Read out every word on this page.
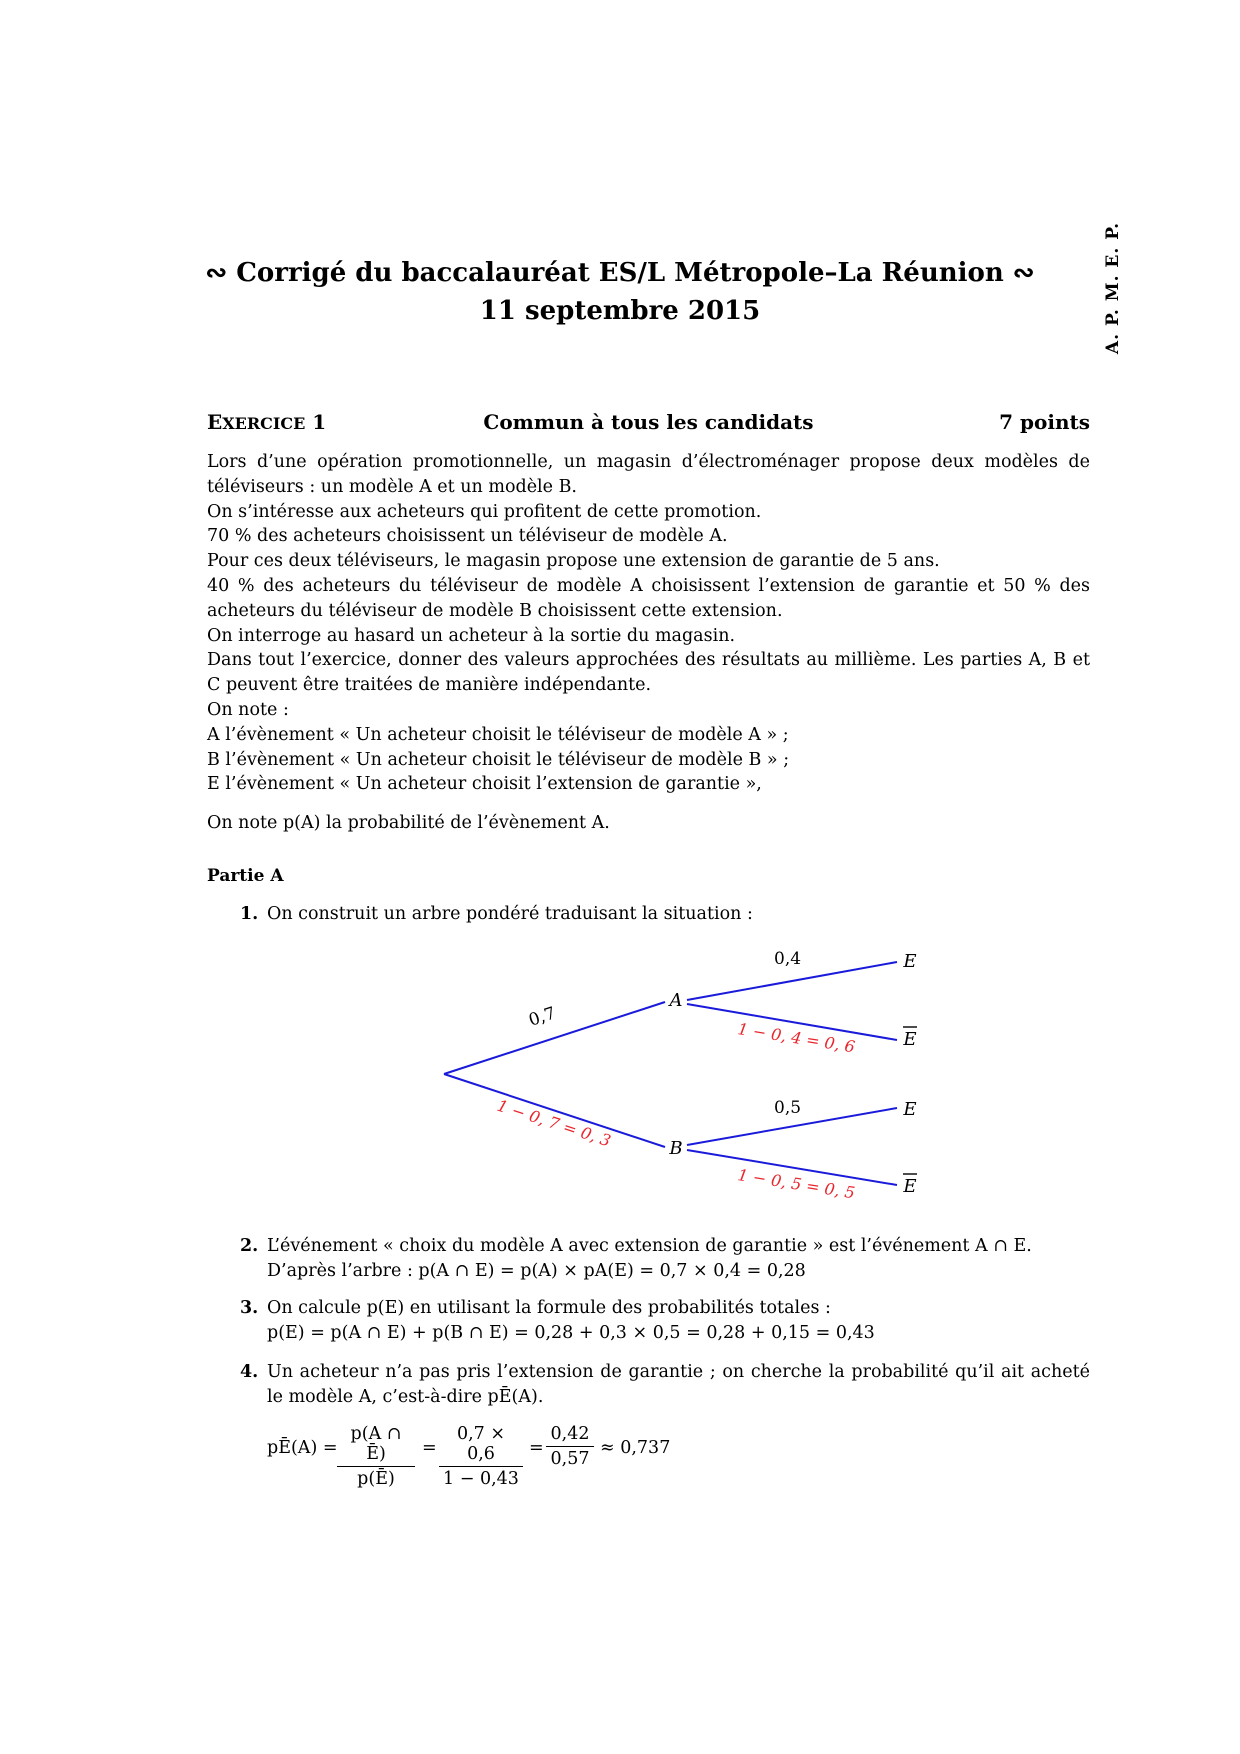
A. P. M. E. P.
∾ Corrigé du baccalauréat ES/L Métropole–La Réunion ∾
11 septembre 2015
EXERCICE 1	Commun à tous les candidats	7 points

Lors d’une opération promotionnelle, un magasin d’électroménager propose deux modèles de téléviseurs : un modèle A et un modèle B.

On s’intéresse aux acheteurs qui profitent de cette promotion.

70 % des acheteurs choisissent un téléviseur de modèle A.

Pour ces deux téléviseurs, le magasin propose une extension de garantie de 5 ans.

40 % des acheteurs du téléviseur de modèle A choisissent l’extension de garantie et 50 % des acheteurs du téléviseur de modèle B choisissent cette extension.

On interroge au hasard un acheteur à la sortie du magasin.

Dans tout l’exercice, donner des valeurs approchées des résultats au millième. Les parties A, B et C peuvent être traitées de manière indépendante.

On note :

A l’évènement « Un acheteur choisit le téléviseur de modèle A » ;

B l’évènement « Un acheteur choisit le téléviseur de modèle B » ;

E l’évènement « Un acheteur choisit l’extension de garantie »,

On note p(A) la probabilité de l’évènement A.

Partie A
1. On construit un arbre pondéré traduisant la situation :
A
B
E
E
E
E
0,7
0,4
0,5
1 − 0, 7 = 0, 3
1 − 0, 4 = 0, 6
1 − 0, 5 = 0, 5
2. L’événement « choix du modèle A avec extension de garantie » est l’événement A ∩ E.
D’après l’arbre : p(A ∩ E) = p(A) × pA(E) = 0,7 × 0,4 = 0,28
3. On calcule p(E) en utilisant la formule des probabilités totales :
p(E) = p(A ∩ E) + p(B ∩ E) = 0,28 + 0,3 × 0,5 = 0,28 + 0,15 = 0,43
4. Un acheteur n’a pas pris l’extension de garantie ; on cherche la probabilité qu’il ait acheté le modèle A, c’est-à-dire pĒ(A).
pĒ(A) = $\frac{p(A \cap Ē)}{p(Ē)} = \frac{0,7 \times 0,6}{1 - 0,43} = \frac{0,42}{0,57} \approx 0,737$
